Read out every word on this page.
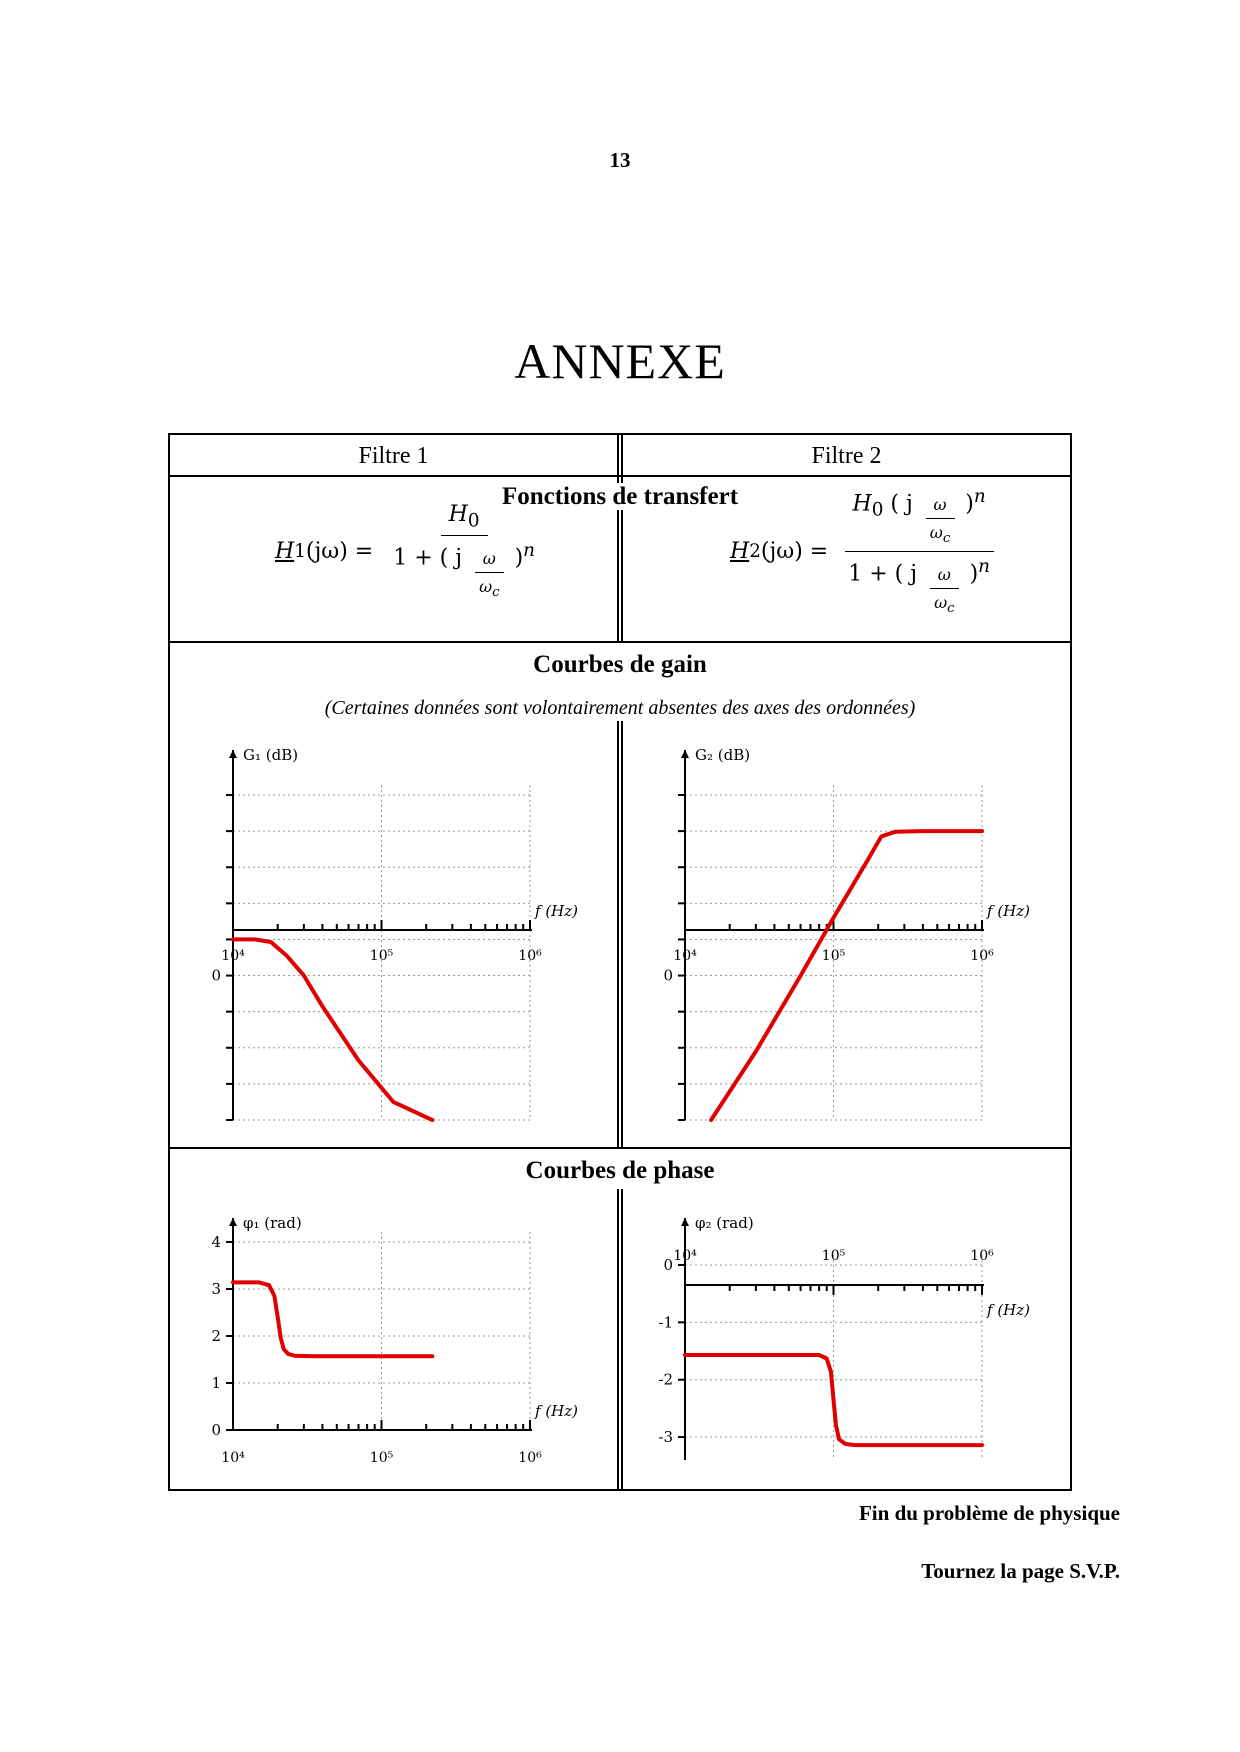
13
ANNEXE
Filtre 1	Filtre 2
Fonctions de transfert
H 1 $(j\omega) = \frac{H_0}{1 + ( j \frac{\omega}{\omega_c} )^n}$	H 2 $(j\omega) = \frac{H_0 ( j \frac{\omega}{\omega_c} )^n}{1 + ( j \frac{\omega}{\omega_c} )^n}$
Courbes de gain
(Certaines données sont volontairement absentes des axes des ordonnées)
Courbes de phase
0
G₁ (dB)
10⁴	10⁵	10⁶
f (Hz)
0
G₂ (dB)
10⁴	10⁵	10⁶
f (Hz)
0
1
2
3
4
φ₁ (rad)
10⁴	10⁵	10⁶
f (Hz)
0
-1
-2
-3
φ₂ (rad)
10⁴	10⁵	10⁶
f (Hz)
Fin du problème de physique
Tournez la page S.V.P.
